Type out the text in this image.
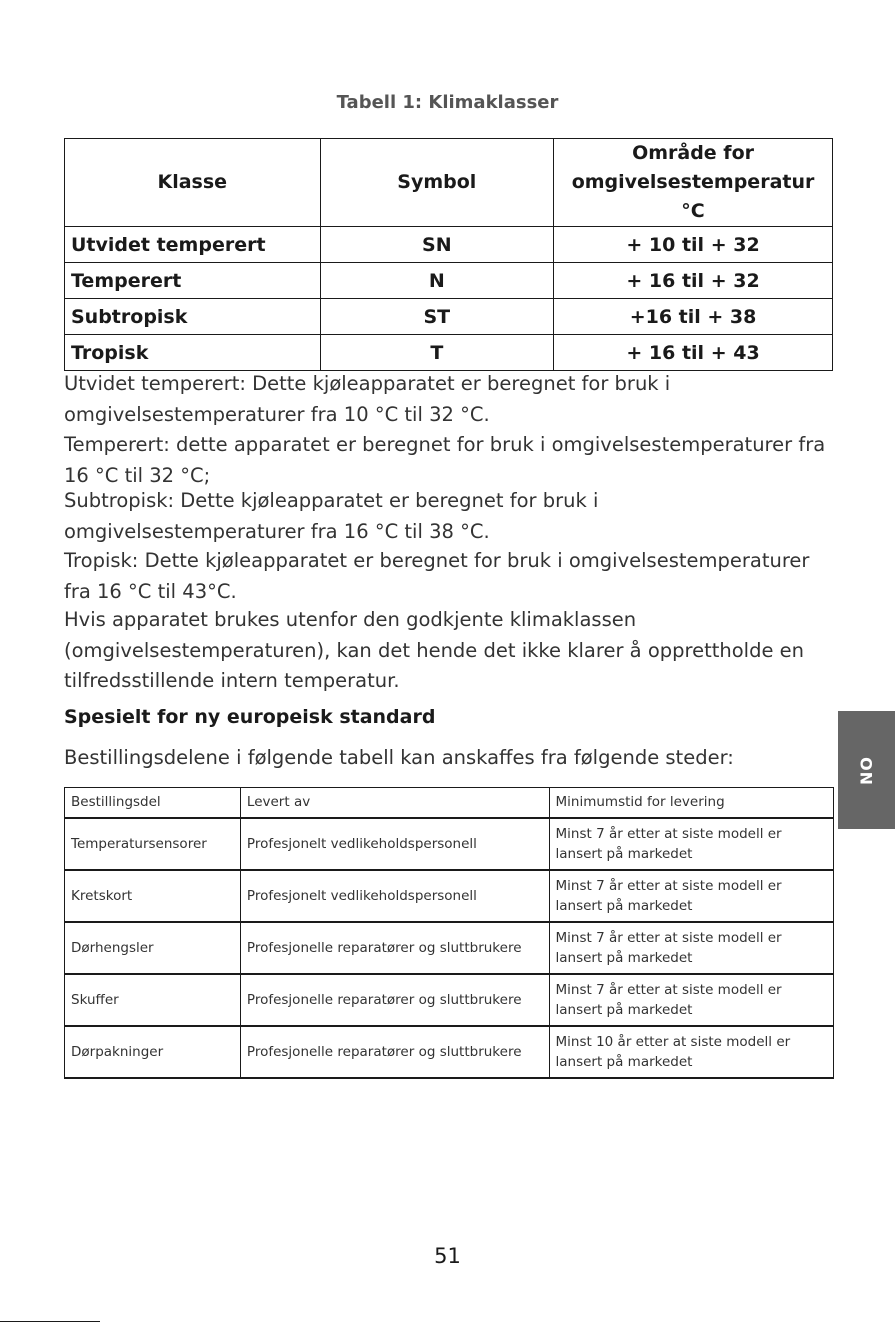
Tabell 1: Klimaklasser
Klasse	Symbol	Område for omgivelsestemperatur °C
Utvidet temperert	SN	+ 10 til + 32
Temperert	N	+ 16 til + 32
Subtropisk	ST	+16 til + 38
Tropisk	T	+ 16 til + 43

Utvidet temperert: Dette kjøleapparatet er beregnet for bruk i omgivelsestemperaturer fra 10 °C til 32 °C.

Temperert: dette apparatet er beregnet for bruk i omgivelsestemperaturer fra 16 °C til 32 °C;

Subtropisk: Dette kjøleapparatet er beregnet for bruk i omgivelsestemperaturer fra 16 °C til 38 °C.

Tropisk: Dette kjøleapparatet er beregnet for bruk i omgivelsestemperaturer fra 16 °C til 43°C.

Hvis apparatet brukes utenfor den godkjente klimaklassen (omgivelsestemperaturen), kan det hende det ikke klarer å opprettholde en tilfredsstillende intern temperatur.

Spesielt for ny europeisk standard

Bestillingsdelene i følgende tabell kan anskaffes fra følgende steder:

Bestillingsdel	Levert av	Minimumstid for levering
Temperatursensorer	Profesjonelt vedlikeholdspersonell	Minst 7 år etter at siste modell er lansert på markedet
Kretskort	Profesjonelt vedlikeholdspersonell	Minst 7 år etter at siste modell er lansert på markedet
Dørhengsler	Profesjonelle reparatører og sluttbrukere	Minst 7 år etter at siste modell er lansert på markedet
Skuffer	Profesjonelle reparatører og sluttbrukere	Minst 7 år etter at siste modell er lansert på markedet
Dørpakninger	Profesjonelle reparatører og sluttbrukere	Minst 10 år etter at siste modell er lansert på markedet
NO
51
